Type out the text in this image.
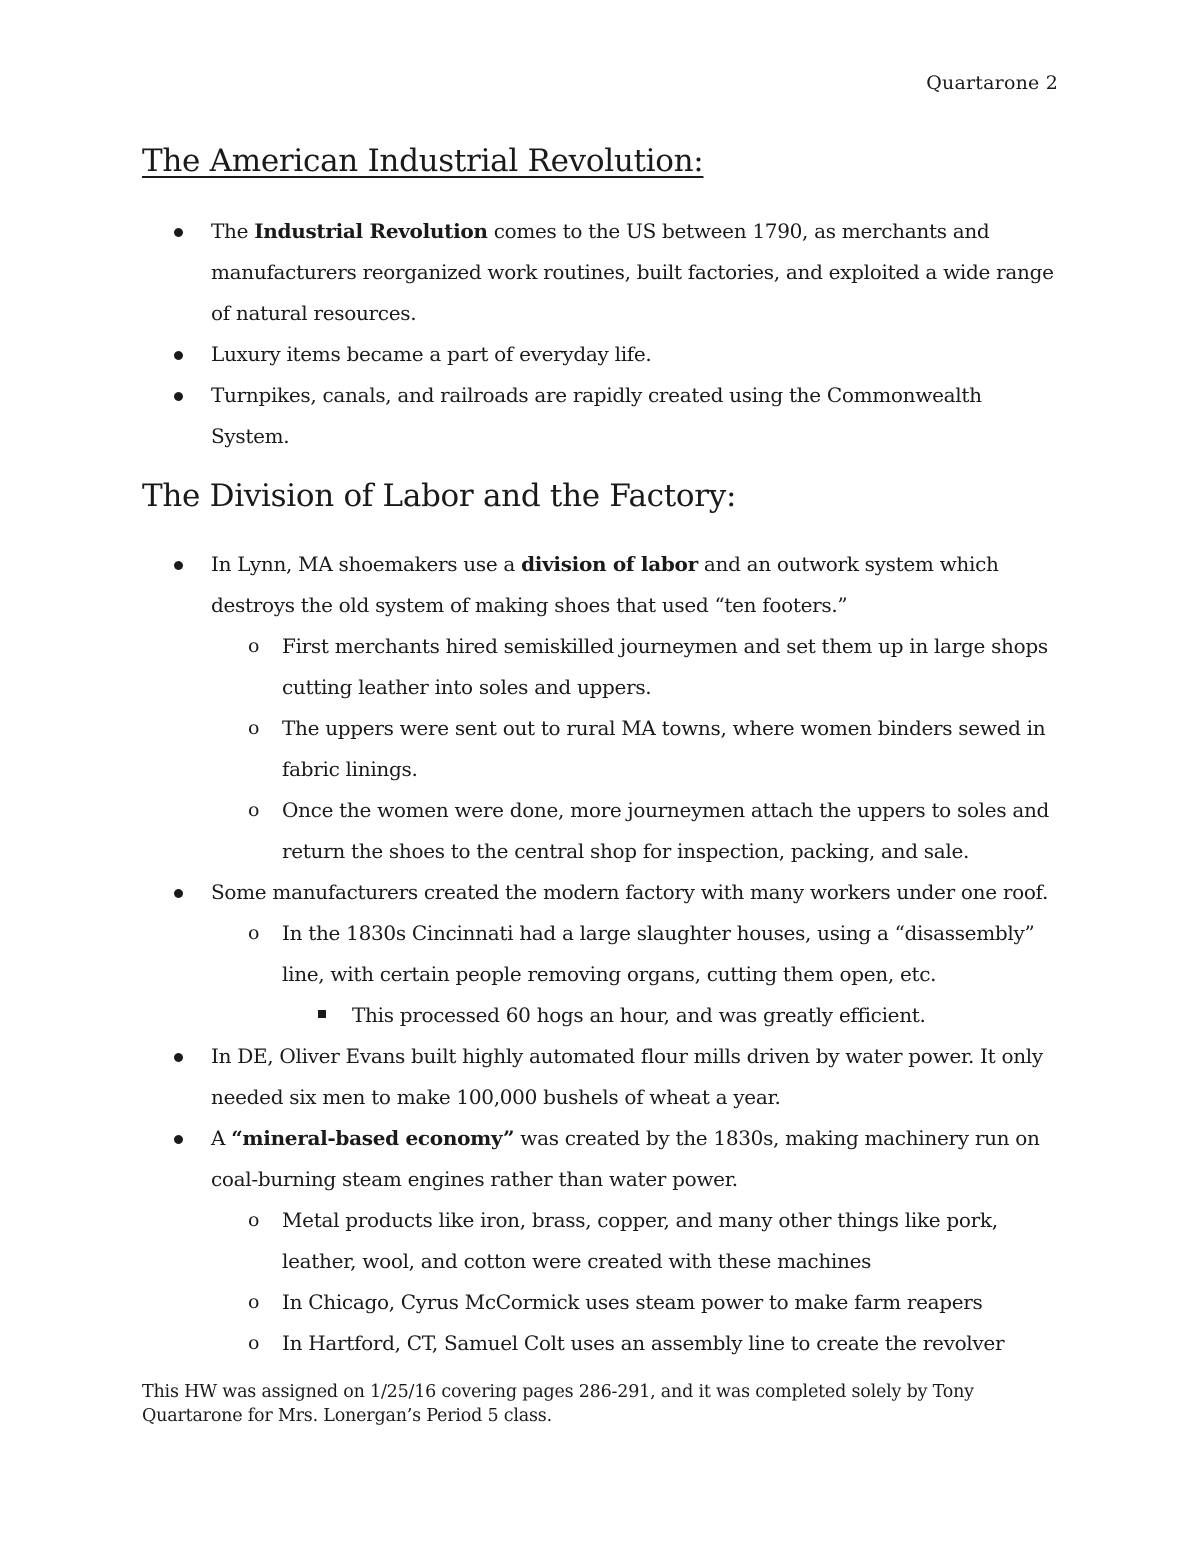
Quartarone 2
The American Industrial Revolution:
The Industrial Revolution comes to the US between 1790, as merchants and manufacturers reorganized work routines, built factories, and exploited a wide range of natural resources.
Luxury items became a part of everyday life.
Turnpikes, canals, and railroads are rapidly created using the Commonwealth System.
The Division of Labor and the Factory:
In Lynn, MA shoemakers use a division of labor and an outwork system which destroys the old system of making shoes that used “ten footers.”
o First merchants hired semiskilled journeymen and set them up in large shops cutting leather into soles and uppers.
o The uppers were sent out to rural MA towns, where women binders sewed in fabric linings.
o Once the women were done, more journeymen attach the uppers to soles and return the shoes to the central shop for inspection, packing, and sale.
Some manufacturers created the modern factory with many workers under one roof.
o In the 1830s Cincinnati had a large slaughter houses, using a “disassembly” line, with certain people removing organs, cutting them open, etc.
This processed 60 hogs an hour, and was greatly efficient.
In DE, Oliver Evans built highly automated flour mills driven by water power. It only needed six men to make 100,000 bushels of wheat a year.
A “mineral-based economy” was created by the 1830s, making machinery run on coal-burning steam engines rather than water power.
o Metal products like iron, brass, copper, and many other things like pork, leather, wool, and cotton were created with these machines
o In Chicago, Cyrus McCormick uses steam power to make farm reapers
o In Hartford, CT, Samuel Colt uses an assembly line to create the revolver
This HW was assigned on 1/25/16 covering pages 286-291, and it was completed solely by Tony Quartarone for Mrs. Lonergan’s Period 5 class.
